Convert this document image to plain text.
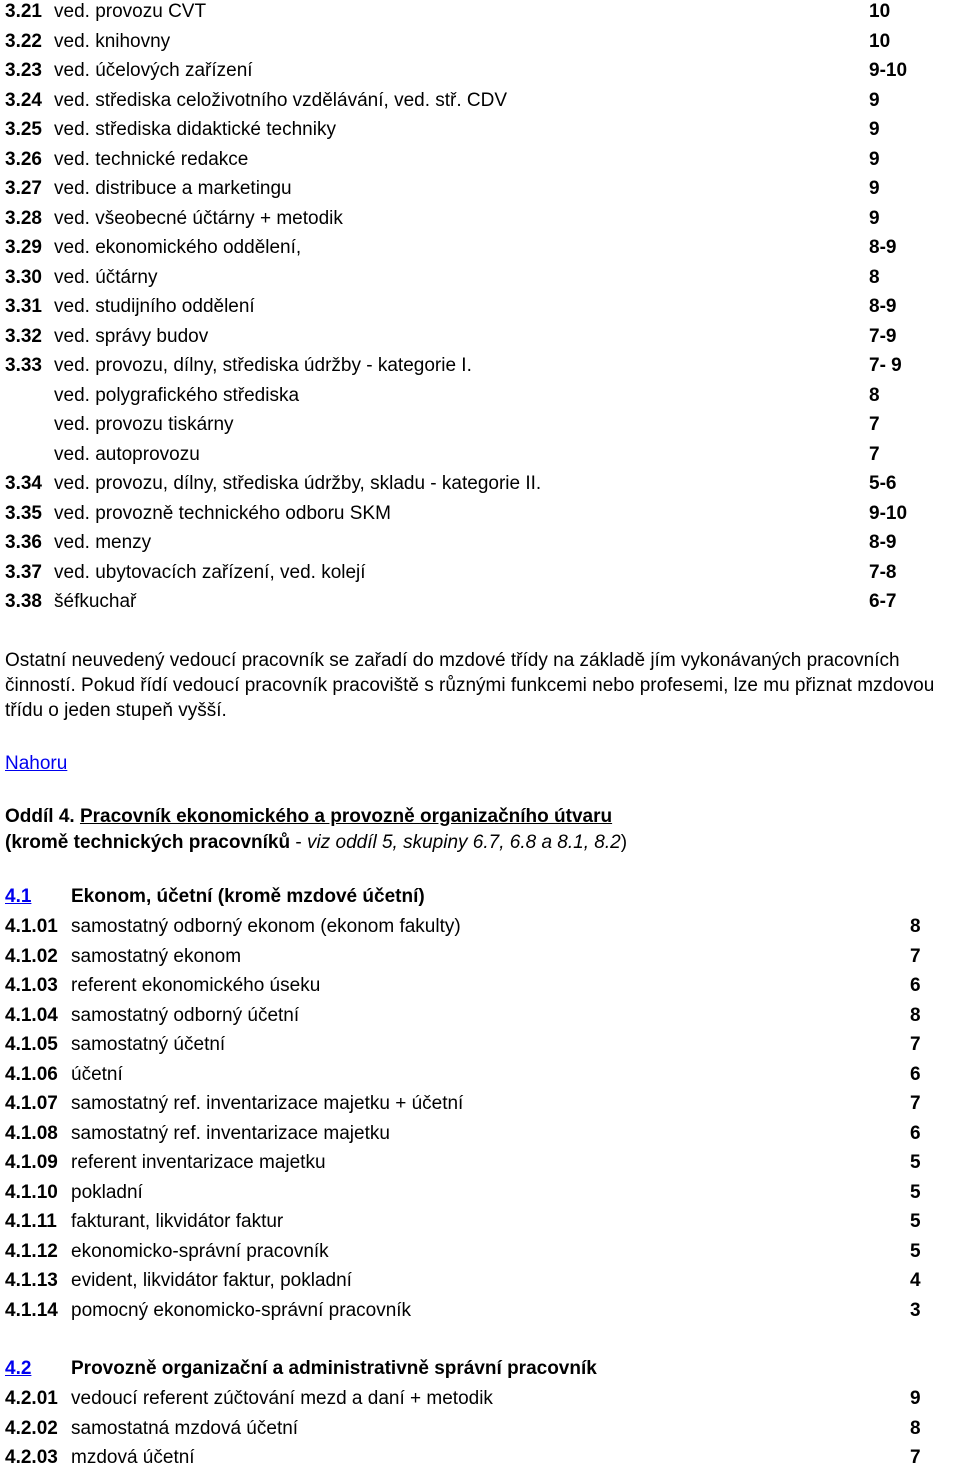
3.21 ved. provozu CVT	10
3.22 ved. knihovny	10
3.23 ved. účelových zařízení	9-10
3.24 ved. střediska celoživotního vzdělávání, ved. stř. CDV	9
3.25 ved. střediska didaktické techniky	9
3.26 ved. technické redakce	9
3.27 ved. distribuce a marketingu	9
3.28 ved. všeobecné účtárny + metodik	9
3.29 ved. ekonomického oddělení,	8-9
3.30 ved. účtárny	8
3.31 ved. studijního oddělení	8-9
3.32 ved. správy budov	7-9
3.33 ved. provozu, dílny, střediska údržby - kategorie I.	7- 9
ved. polygrafického střediska	8
ved. provozu tiskárny	7
ved. autoprovozu	7
3.34 ved. provozu, dílny, střediska údržby, skladu - kategorie II.	5-6
3.35 ved. provozně technického odboru SKM	9-10
3.36 ved. menzy	8-9
3.37 ved. ubytovacích zařízení, ved. kolejí	7-8
3.38 šéfkuchař	6-7
Ostatní neuvedený vedoucí pracovník se zařadí do mzdové třídy na základě jím vykonávaných pracovních činností. Pokud řídí vedoucí pracovník pracoviště s různými funkcemi nebo profesemi, lze mu přiznat mzdovou třídu o jeden stupeň vyšší.
Nahoru
Oddíl 4. Pracovník ekonomického a provozně organizačního útvaru
(kromě technických pracovníků - viz oddíl 5, skupiny 6.7, 6.8 a 8.1, 8.2)
4.1 Ekonom, účetní (kromě mzdové účetní)
4.1.01 samostatný odborný ekonom (ekonom fakulty)	8
4.1.02 samostatný ekonom	7
4.1.03 referent ekonomického úseku	6
4.1.04 samostatný odborný účetní	8
4.1.05 samostatný účetní	7
4.1.06 účetní	6
4.1.07 samostatný ref. inventarizace majetku + účetní	7
4.1.08 samostatný ref. inventarizace majetku	6
4.1.09 referent inventarizace majetku	5
4.1.10 pokladní	5
4.1.11 fakturant, likvidátor faktur	5
4.1.12 ekonomicko-správní pracovník	5
4.1.13 evident, likvidátor faktur, pokladní	4
4.1.14 pomocný ekonomicko-správní pracovník	3
4.2 Provozně organizační a administrativně správní pracovník
4.2.01 vedoucí referent zúčtování mezd a daní + metodik	9
4.2.02 samostatná mzdová účetní	8
4.2.03 mzdová účetní	7
